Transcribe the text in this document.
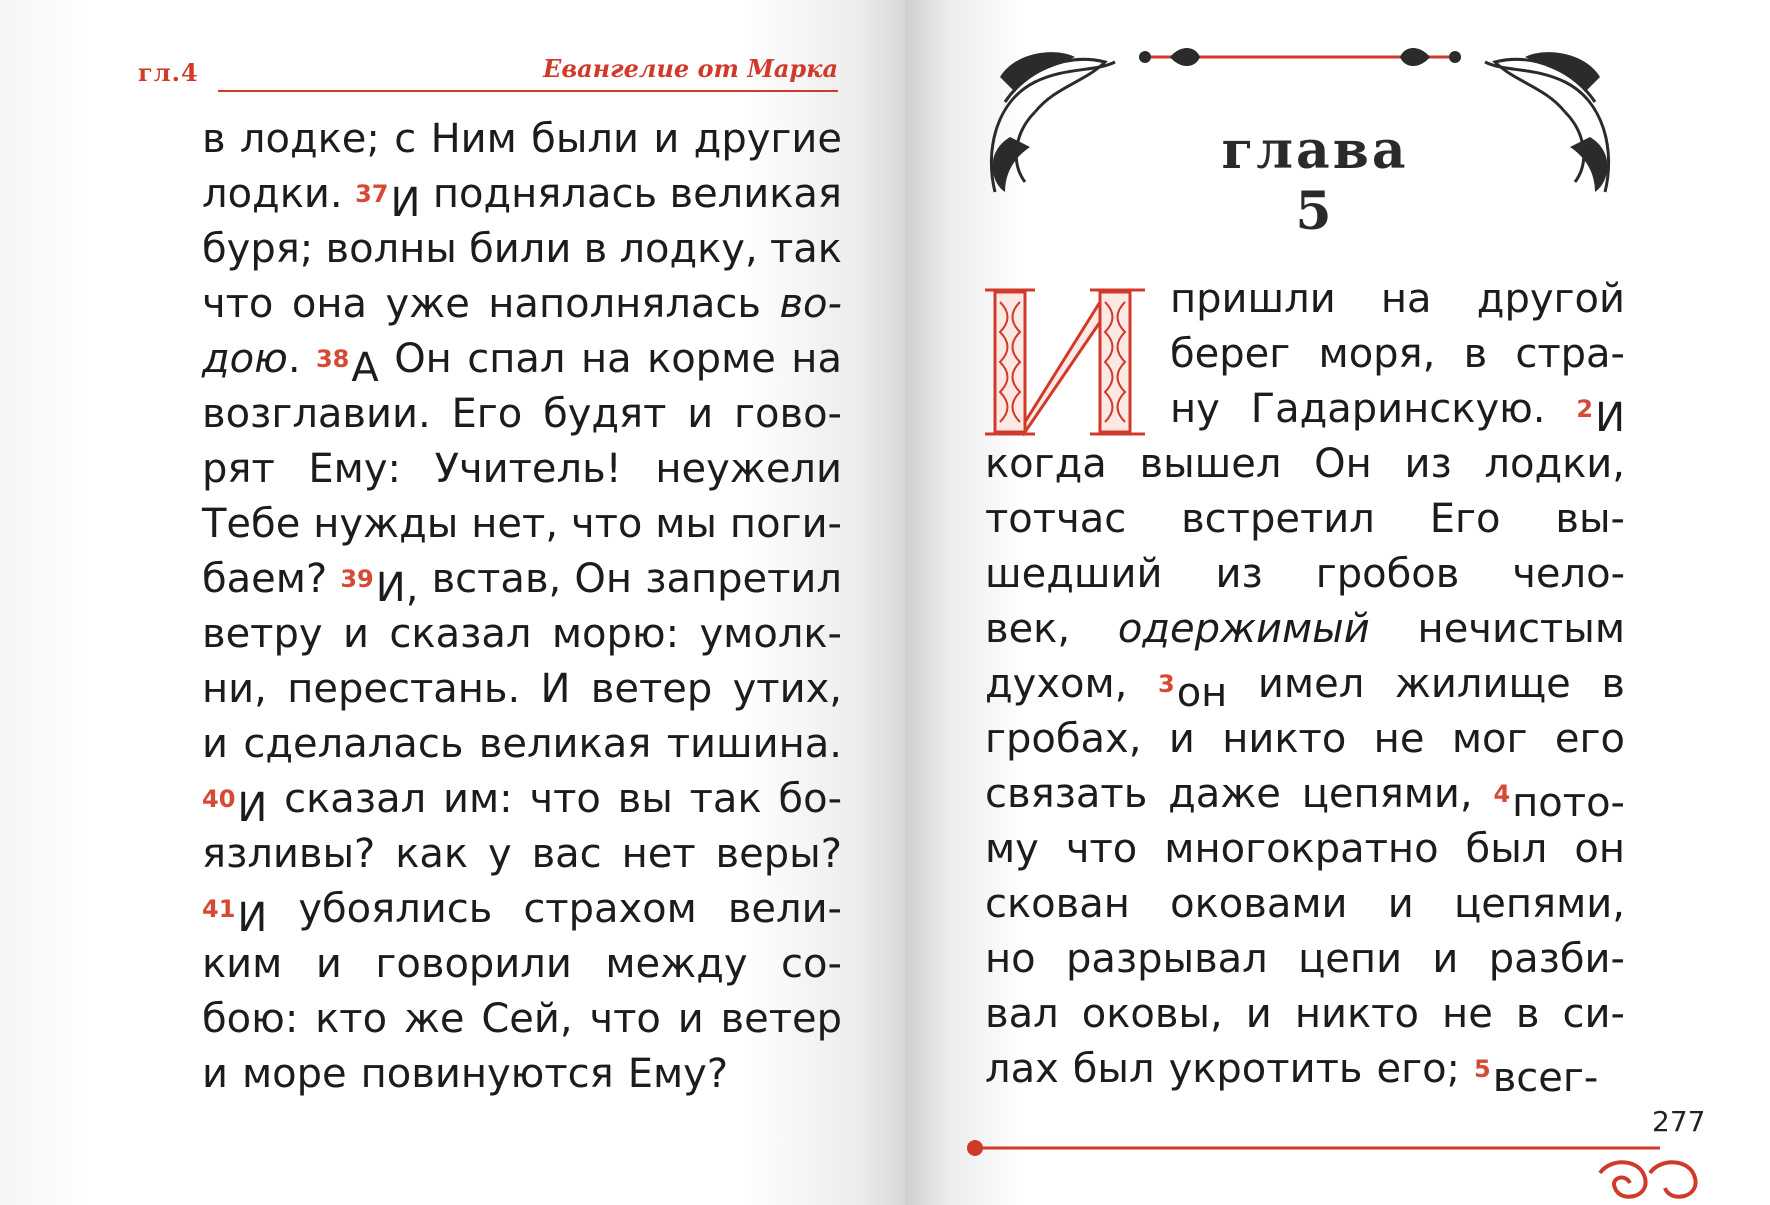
гл.4	Евангелие от Марка
в лодке; с Ним были и другие
лодки. 37И поднялась великая
буря; волны били в лодку, так
что она уже наполнялась во-
дою. 38А Он спал на корме на
возглавии. Его будят и гово-
рят Ему: Учитель! неужели
Тебе нужды нет, что мы поги-
баем? 39И, встав, Он запретил
ветру и сказал морю: умолк-
ни, перестань. И ветер утих,
и сделалась великая тишина.
40И сказал им: что вы так бо-
язливы? как у вас нет веры?
41И убоялись страхом вели-
ким и говорили между со-
бою: кто же Сей, что и ветер
и море повинуются Ему?
глава 5
пришли на другой
берег моря, в стра-
ну Гадаринскую. 2И
когда вышел Он из лодки,
тотчас встретил Его вы-
шедший из гробов чело-
век, одержимый нечистым
духом, 3он имел жилище в
гробах, и никто не мог его
связать даже цепями, 4пото-
му что многократно был он
скован оковами и цепями,
но разрывал цепи и разби-
вал оковы, и никто не в си-
лах был укротить его; 5всег-
277
